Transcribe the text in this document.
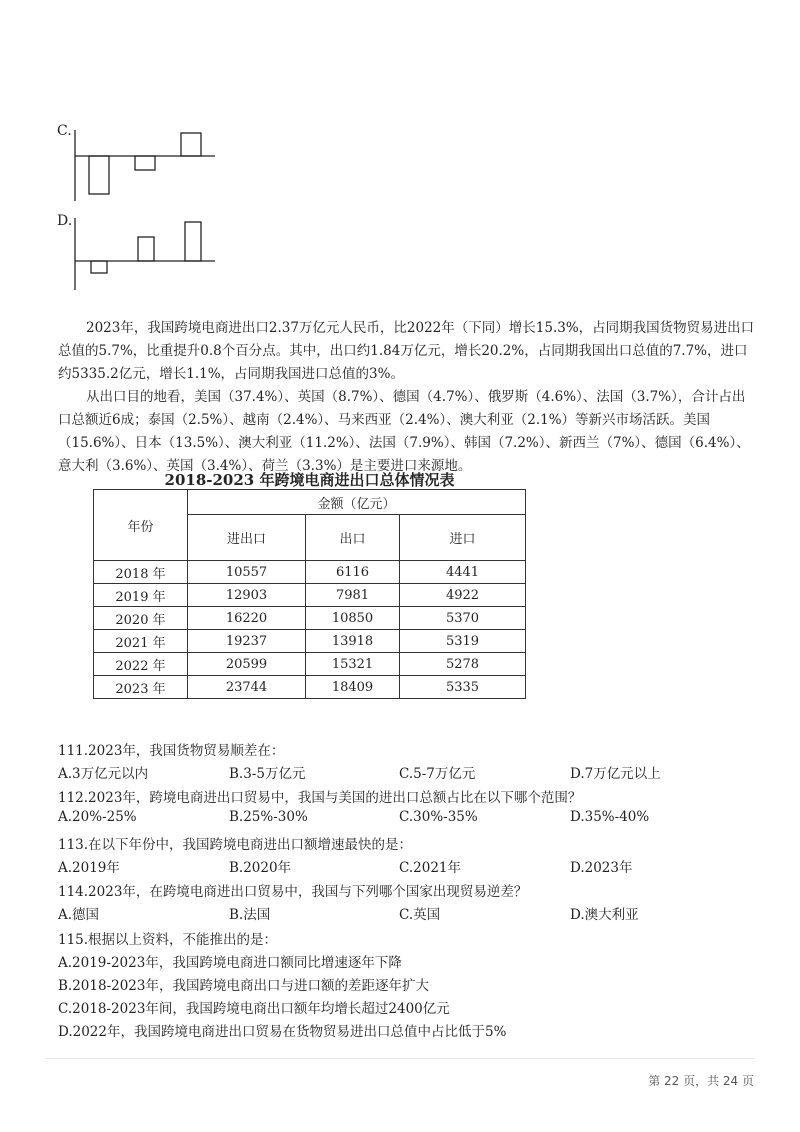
C.
D.

2023年，我国跨境电商进出口2.37万亿元人民币，比2022年（下同）增长15.3%，占同期我国货物贸易进出口总值的5.7%，比重提升0.8个百分点。其中，出口约1.84万亿元，增长20.2%，占同期我国出口总值的7.7%，进口约5335.2亿元，增长1.1%，占同期我国进口总值的3%。

从出口目的地看，美国（37.4%）、英国（8.7%）、德国（4.7%）、俄罗斯（4.6%）、法国（3.7%），合计占出口总额近6成；泰国（2.5%）、越南（2.4%）、马来西亚（2.4%）、澳大利亚（2.1%）等新兴市场活跃。美国（15.6%）、日本（13.5%）、澳大利亚（11.2%）、法国（7.9%）、韩国（7.2%）、新西兰（7%）、德国（6.4%）、意大利（3.6%）、英国（3.4%）、荷兰（3.3%）是主要进口来源地。

2018-2023 年跨境电商进出口总体情况表
年份	金额（亿元）		
	进出口	出口	进口
2018 年	10557	6116	4441
2019 年	12903	7981	4922
2020 年	16220	10850	5370
2021 年	19237	13918	5319
2022 年	20599	15321	5278
2023 年	23744	18409	5335
111.2023年，我国货物贸易顺差在：
A.3万亿元以内	B.3-5万亿元	C.5-7万亿元	D.7万亿元以上
112.2023年，跨境电商进出口贸易中，我国与美国的进出口总额占比在以下哪个范围？
A.20%-25%	B.25%-30%	C.30%-35%	D.35%-40%
113.在以下年份中，我国跨境电商进出口额增速最快的是：
A.2019年	B.2020年	C.2021年	D.2023年
114.2023年，在跨境电商进出口贸易中，我国与下列哪个国家出现贸易逆差？
A.德国	B.法国	C.英国	D.澳大利亚
115.根据以上资料，不能推出的是：
A.2019-2023年，我国跨境电商进口额同比增速逐年下降
B.2018-2023年，我国跨境电商出口与进口额的差距逐年扩大
C.2018-2023年间，我国跨境电商出口额年均增长超过2400亿元
D.2022年，我国跨境电商进出口贸易在货物贸易进出口总值中占比低于5%
第 22 页，共 24 页
